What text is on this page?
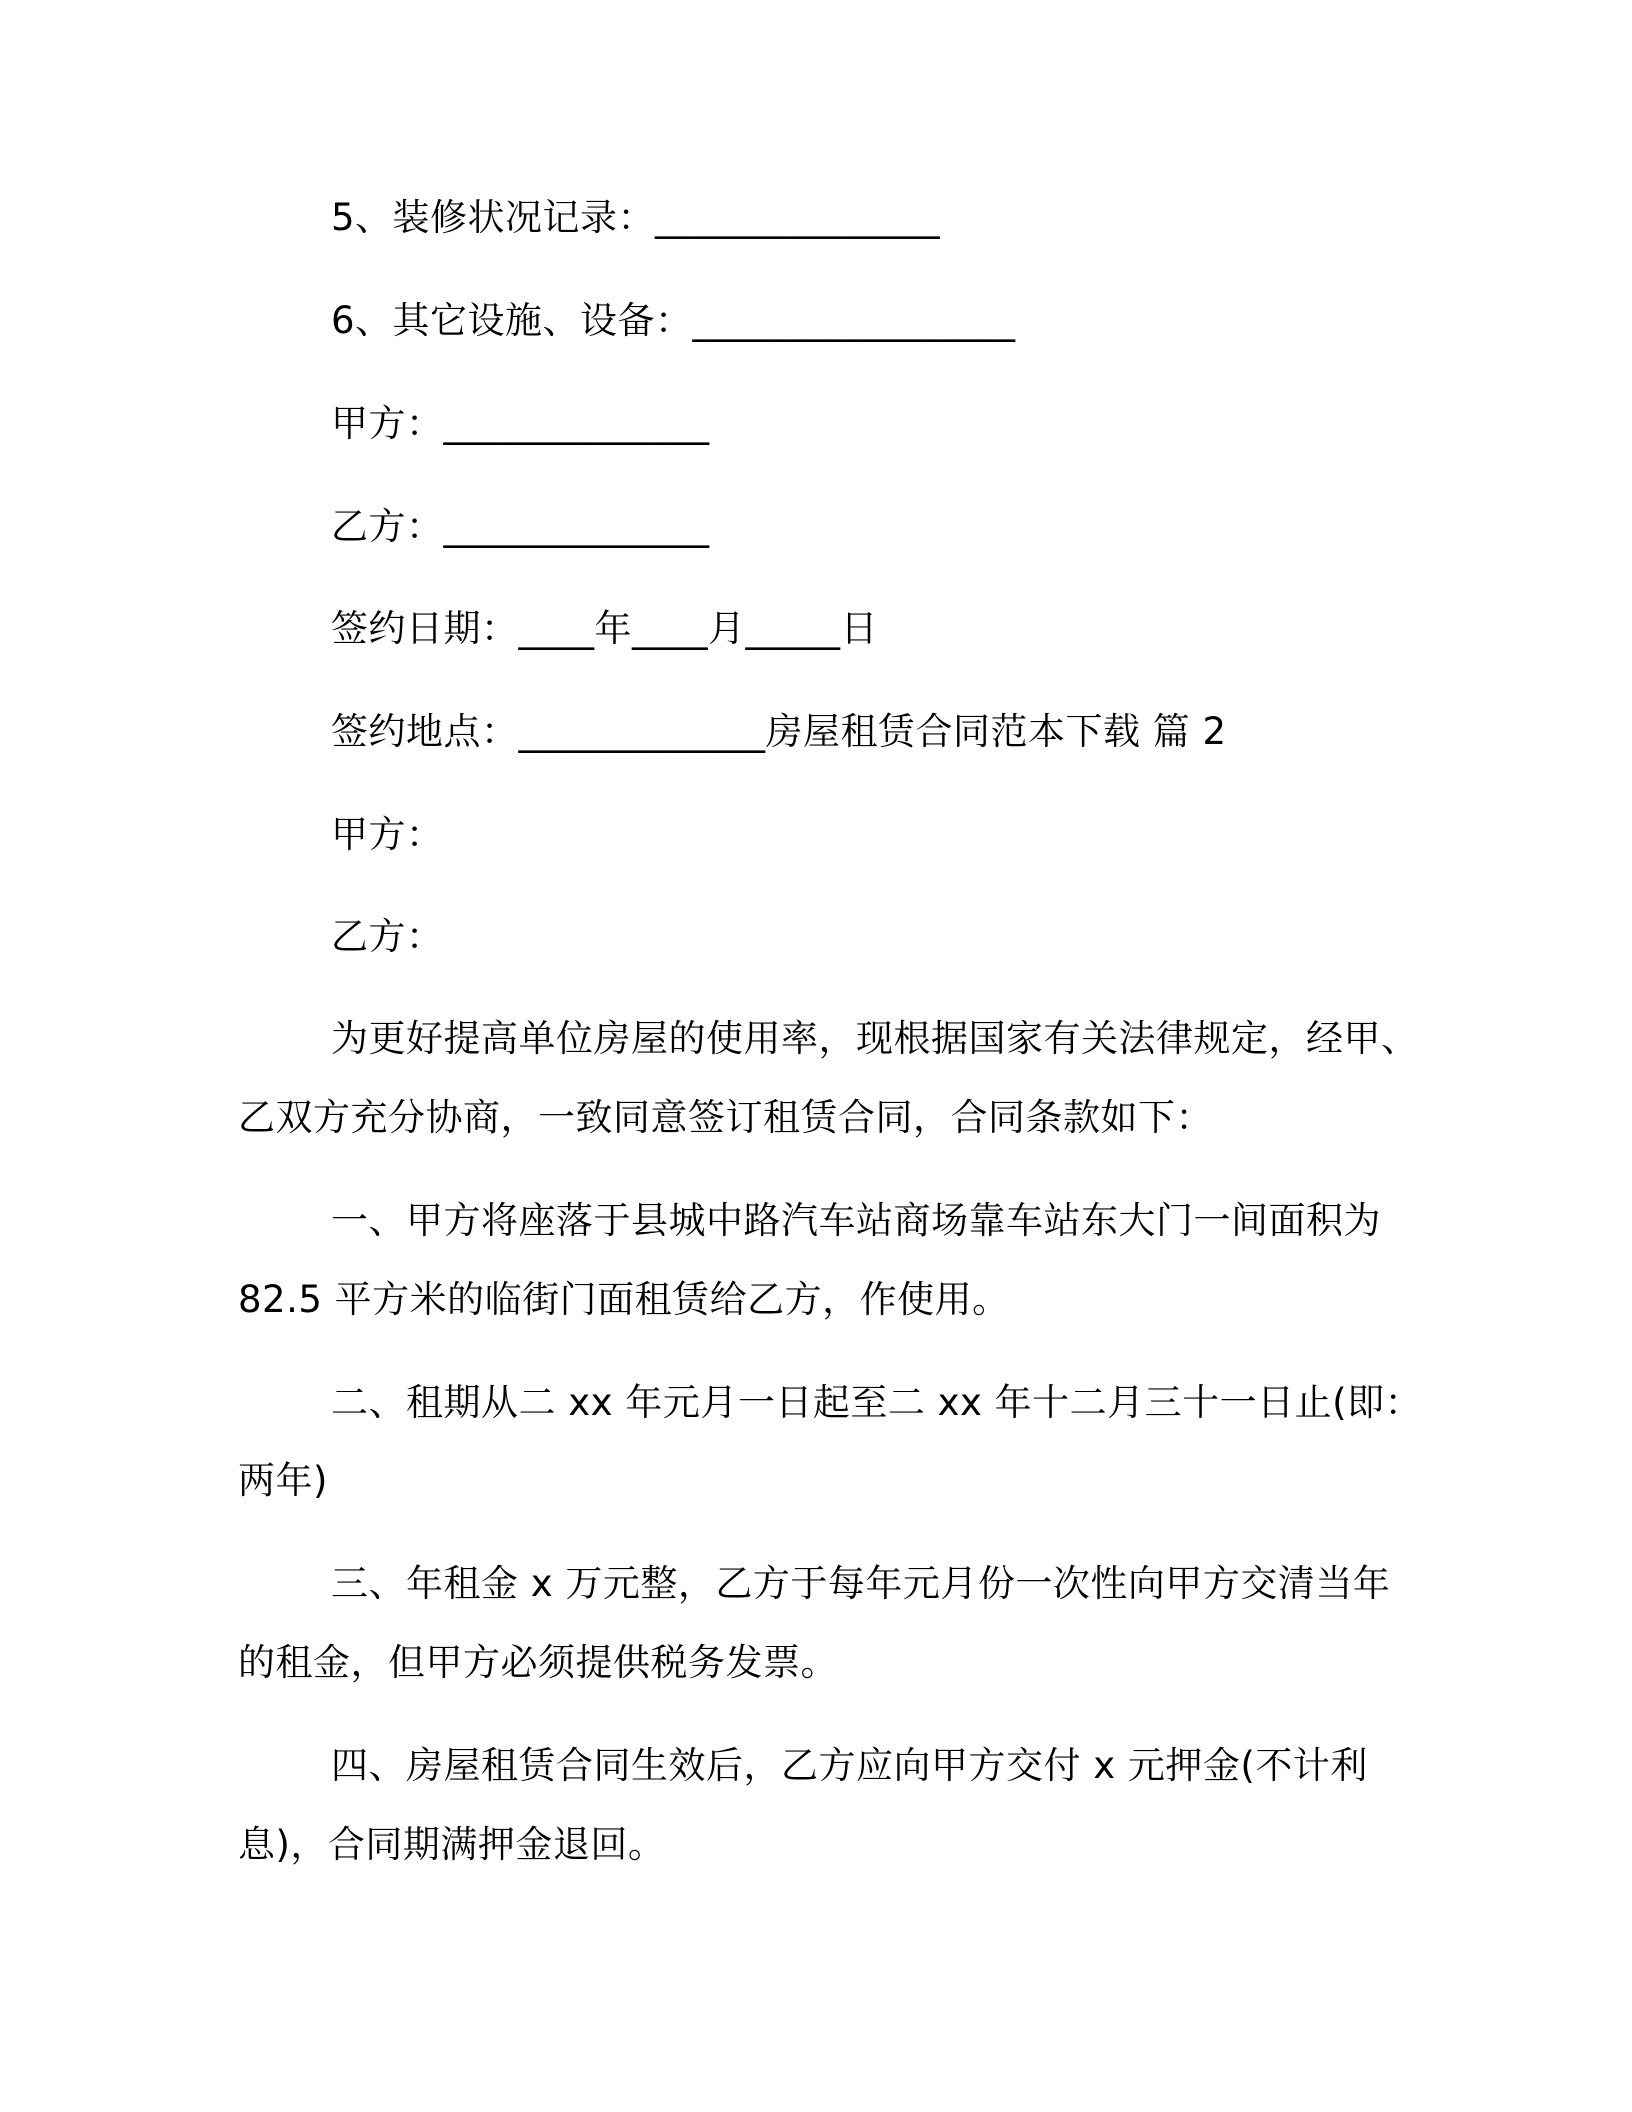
5、装修状况记录：_______________
6、其它设施、设备：_________________
甲方：______________
乙方：______________
签约日期：____年____月_____日
签约地点：_____________房屋租赁合同范本下载 篇 2
甲方：
乙方：
为更好提高单位房屋的使用率，现根据国家有关法律规定，经甲、
乙双方充分协商，一致同意签订租赁合同，合同条款如下：
一、甲方将座落于县城中路汽车站商场靠车站东大门一间面积为
82.5 平方米的临街门面租赁给乙方，作使用。
二、租期从二 xx 年元月一日起至二 xx 年十二月三十一日止(即：
两年)
三、年租金 x 万元整，乙方于每年元月份一次性向甲方交清当年
的租金，但甲方必须提供税务发票。
四、房屋租赁合同生效后，乙方应向甲方交付 x 元押金(不计利
息)，合同期满押金退回。
